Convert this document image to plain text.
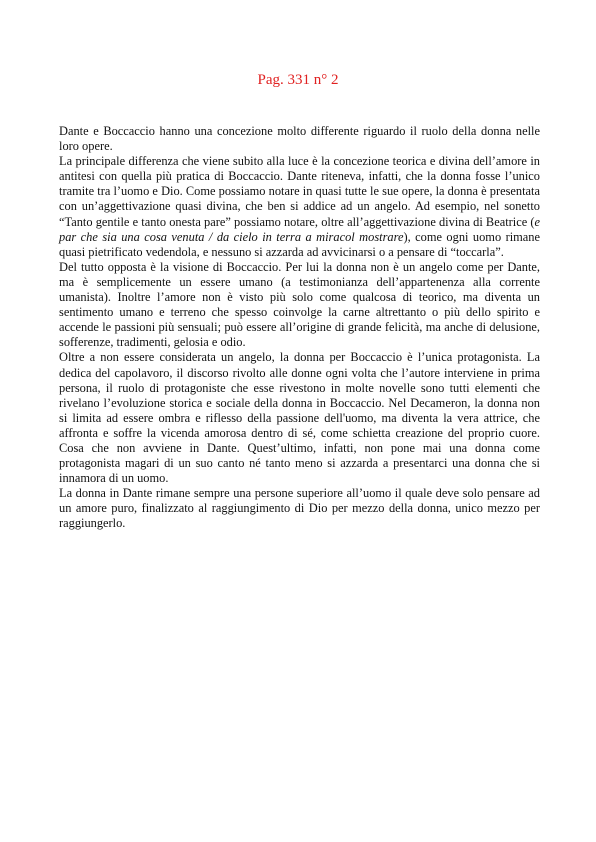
Pag. 331 n° 2

Dante e Boccaccio hanno una concezione molto differente riguardo il ruolo della donna nelle loro opere.

La principale differenza che viene subito alla luce è la concezione teorica e divina dell’amore in antitesi con quella più pratica di Boccaccio. Dante riteneva, infatti, che la donna fosse l’unico tramite tra l’uomo e Dio. Come possiamo notare in quasi tutte le sue opere, la donna è presentata con un’aggettivazione quasi divina, che ben si addice ad un angelo. Ad esempio, nel sonetto “Tanto gentile e tanto onesta pare” possiamo notare, oltre all’aggettivazione divina di Beatrice (e par che sia una cosa venuta / da cielo in terra a miracol mostrare), come ogni uomo rimane quasi pietrificato vedendola, e nessuno si azzarda ad avvicinarsi o a pensare di “toccarla”.

Del tutto opposta è la visione di Boccaccio. Per lui la donna non è un angelo come per Dante, ma è semplicemente un essere umano (a testimonianza dell’appartenenza alla corrente umanista). Inoltre l’amore non è visto più solo come qualcosa di teorico, ma diventa un sentimento umano e terreno che spesso coinvolge la carne altrettanto o più dello spirito e accende le passioni più sensuali; può essere all’origine di grande felicità, ma anche di delusione, sofferenze, tradimenti, gelosia e odio.

Oltre a non essere considerata un angelo, la donna per Boccaccio è l’unica protagonista. La dedica del capolavoro, il discorso rivolto alle donne ogni volta che l’autore interviene in prima persona, il ruolo di protagoniste che esse rivestono in molte novelle sono tutti elementi che rivelano l’evoluzione storica e sociale della donna in Boccaccio. Nel Decameron, la donna non si limita ad essere ombra e riflesso della passione dell'uomo, ma diventa la vera attrice, che affronta e soffre la vicenda amorosa dentro di sé, come schietta creazione del proprio cuore. Cosa che non avviene in Dante. Quest’ultimo, infatti, non pone mai una donna come protagonista magari di un suo canto né tanto meno si azzarda a presentarci una donna che si innamora di un uomo.

La donna in Dante rimane sempre una persone superiore all’uomo il quale deve solo pensare ad un amore puro, finalizzato al raggiungimento di Dio per mezzo della donna, unico mezzo per raggiungerlo.
